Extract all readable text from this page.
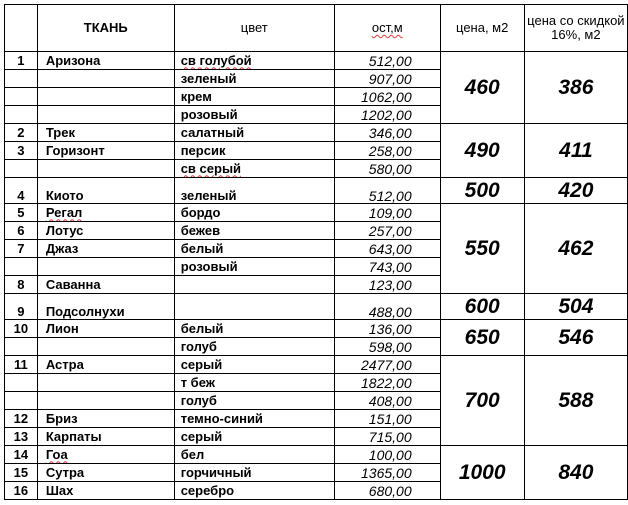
	ТКАНЬ	цвет	ост,м	цена, м2	цена со скидкой 16%, м2
1	Аризона	св голубой	512,00	460	386
		зеленый	907,00		
		крем	1062,00		
		розовый	1202,00		
2	Трек	салатный	346,00	490	411
3	Горизонт	персик	258,00		
		св серый	580,00		
4	Киото	зеленый	512,00	500	420
5	Регал	бордо	109,00	550	462
6	Лотус	бежев	257,00		
7	Джаз	белый	643,00		
		розовый	743,00		
8	Саванна		123,00		
9	Подсолнухи		488,00	600	504
10	Лион	белый	136,00	650	546
		голуб	598,00		
11	Астра	серый	2477,00	700	588
		т беж	1822,00		
		голуб	408,00		
12	Бриз	темно-синий	151,00		
13	Карпаты	серый	715,00		
14	Гоа	бел	100,00	1000	840
15	Сутра	горчичный	1365,00		
16	Шах	серебро	680,00		
